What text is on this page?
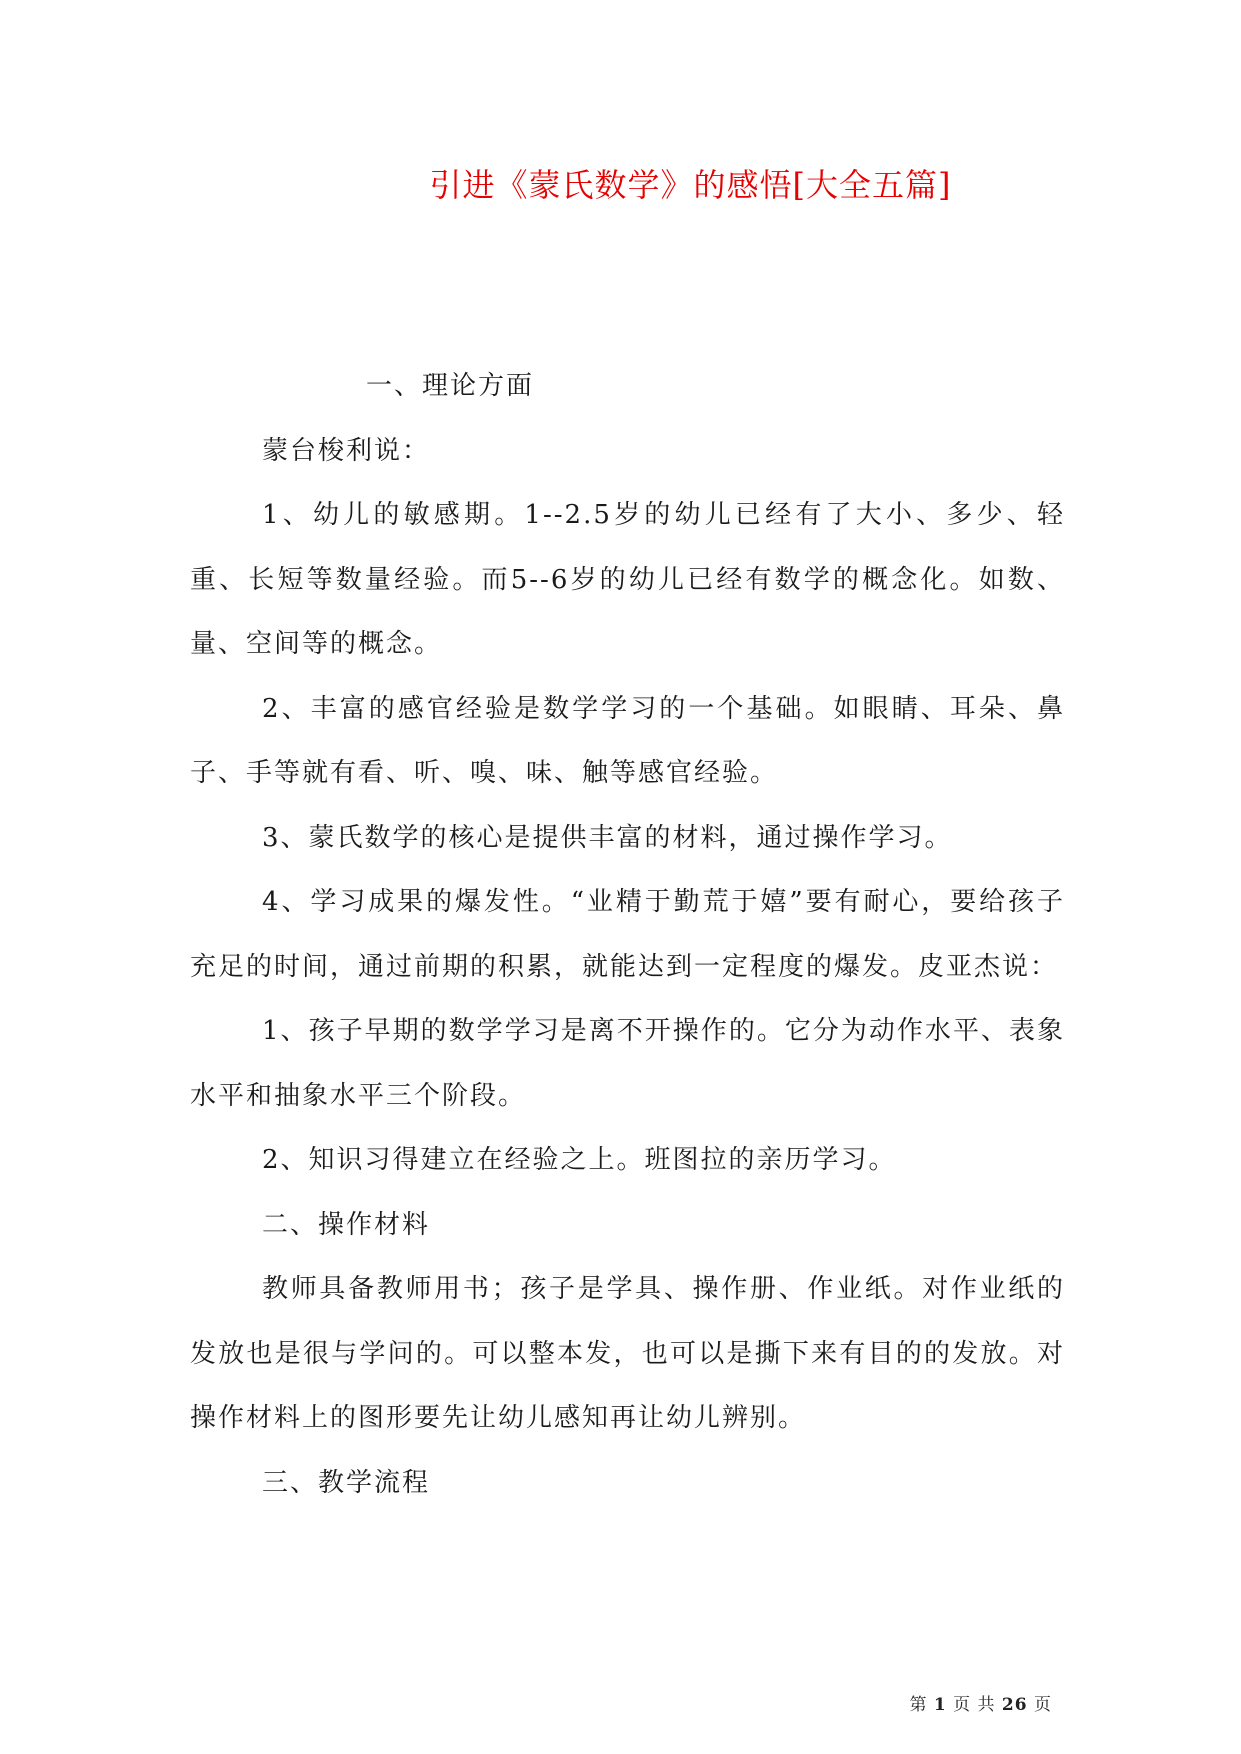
引进《蒙氏数学》的感悟[大全五篇]

一、理论方面

蒙台梭利说：

1、幼儿的敏感期。1--2.5岁的幼儿已经有了大小、多少、轻重、长短等数量经验。而5--6岁的幼儿已经有数学的概念化。如数、量、空间等的概念。

2、丰富的感官经验是数学学习的一个基础。如眼睛、耳朵、鼻子、手等就有看、听、嗅、味、触等感官经验。

3、蒙氏数学的核心是提供丰富的材料，通过操作学习。

4、学习成果的爆发性。“业精于勤荒于嬉”要有耐心，要给孩子充足的时间，通过前期的积累，就能达到一定程度的爆发。皮亚杰说：

1、孩子早期的数学学习是离不开操作的。它分为动作水平、表象水平和抽象水平三个阶段。

2、知识习得建立在经验之上。班图拉的亲历学习。

二、操作材料

教师具备教师用书；孩子是学具、操作册、作业纸。对作业纸的发放也是很与学问的。可以整本发，也可以是撕下来有目的的发放。对操作材料上的图形要先让幼儿感知再让幼儿辨别。

三、教学流程

第 1 页 共 26 页
